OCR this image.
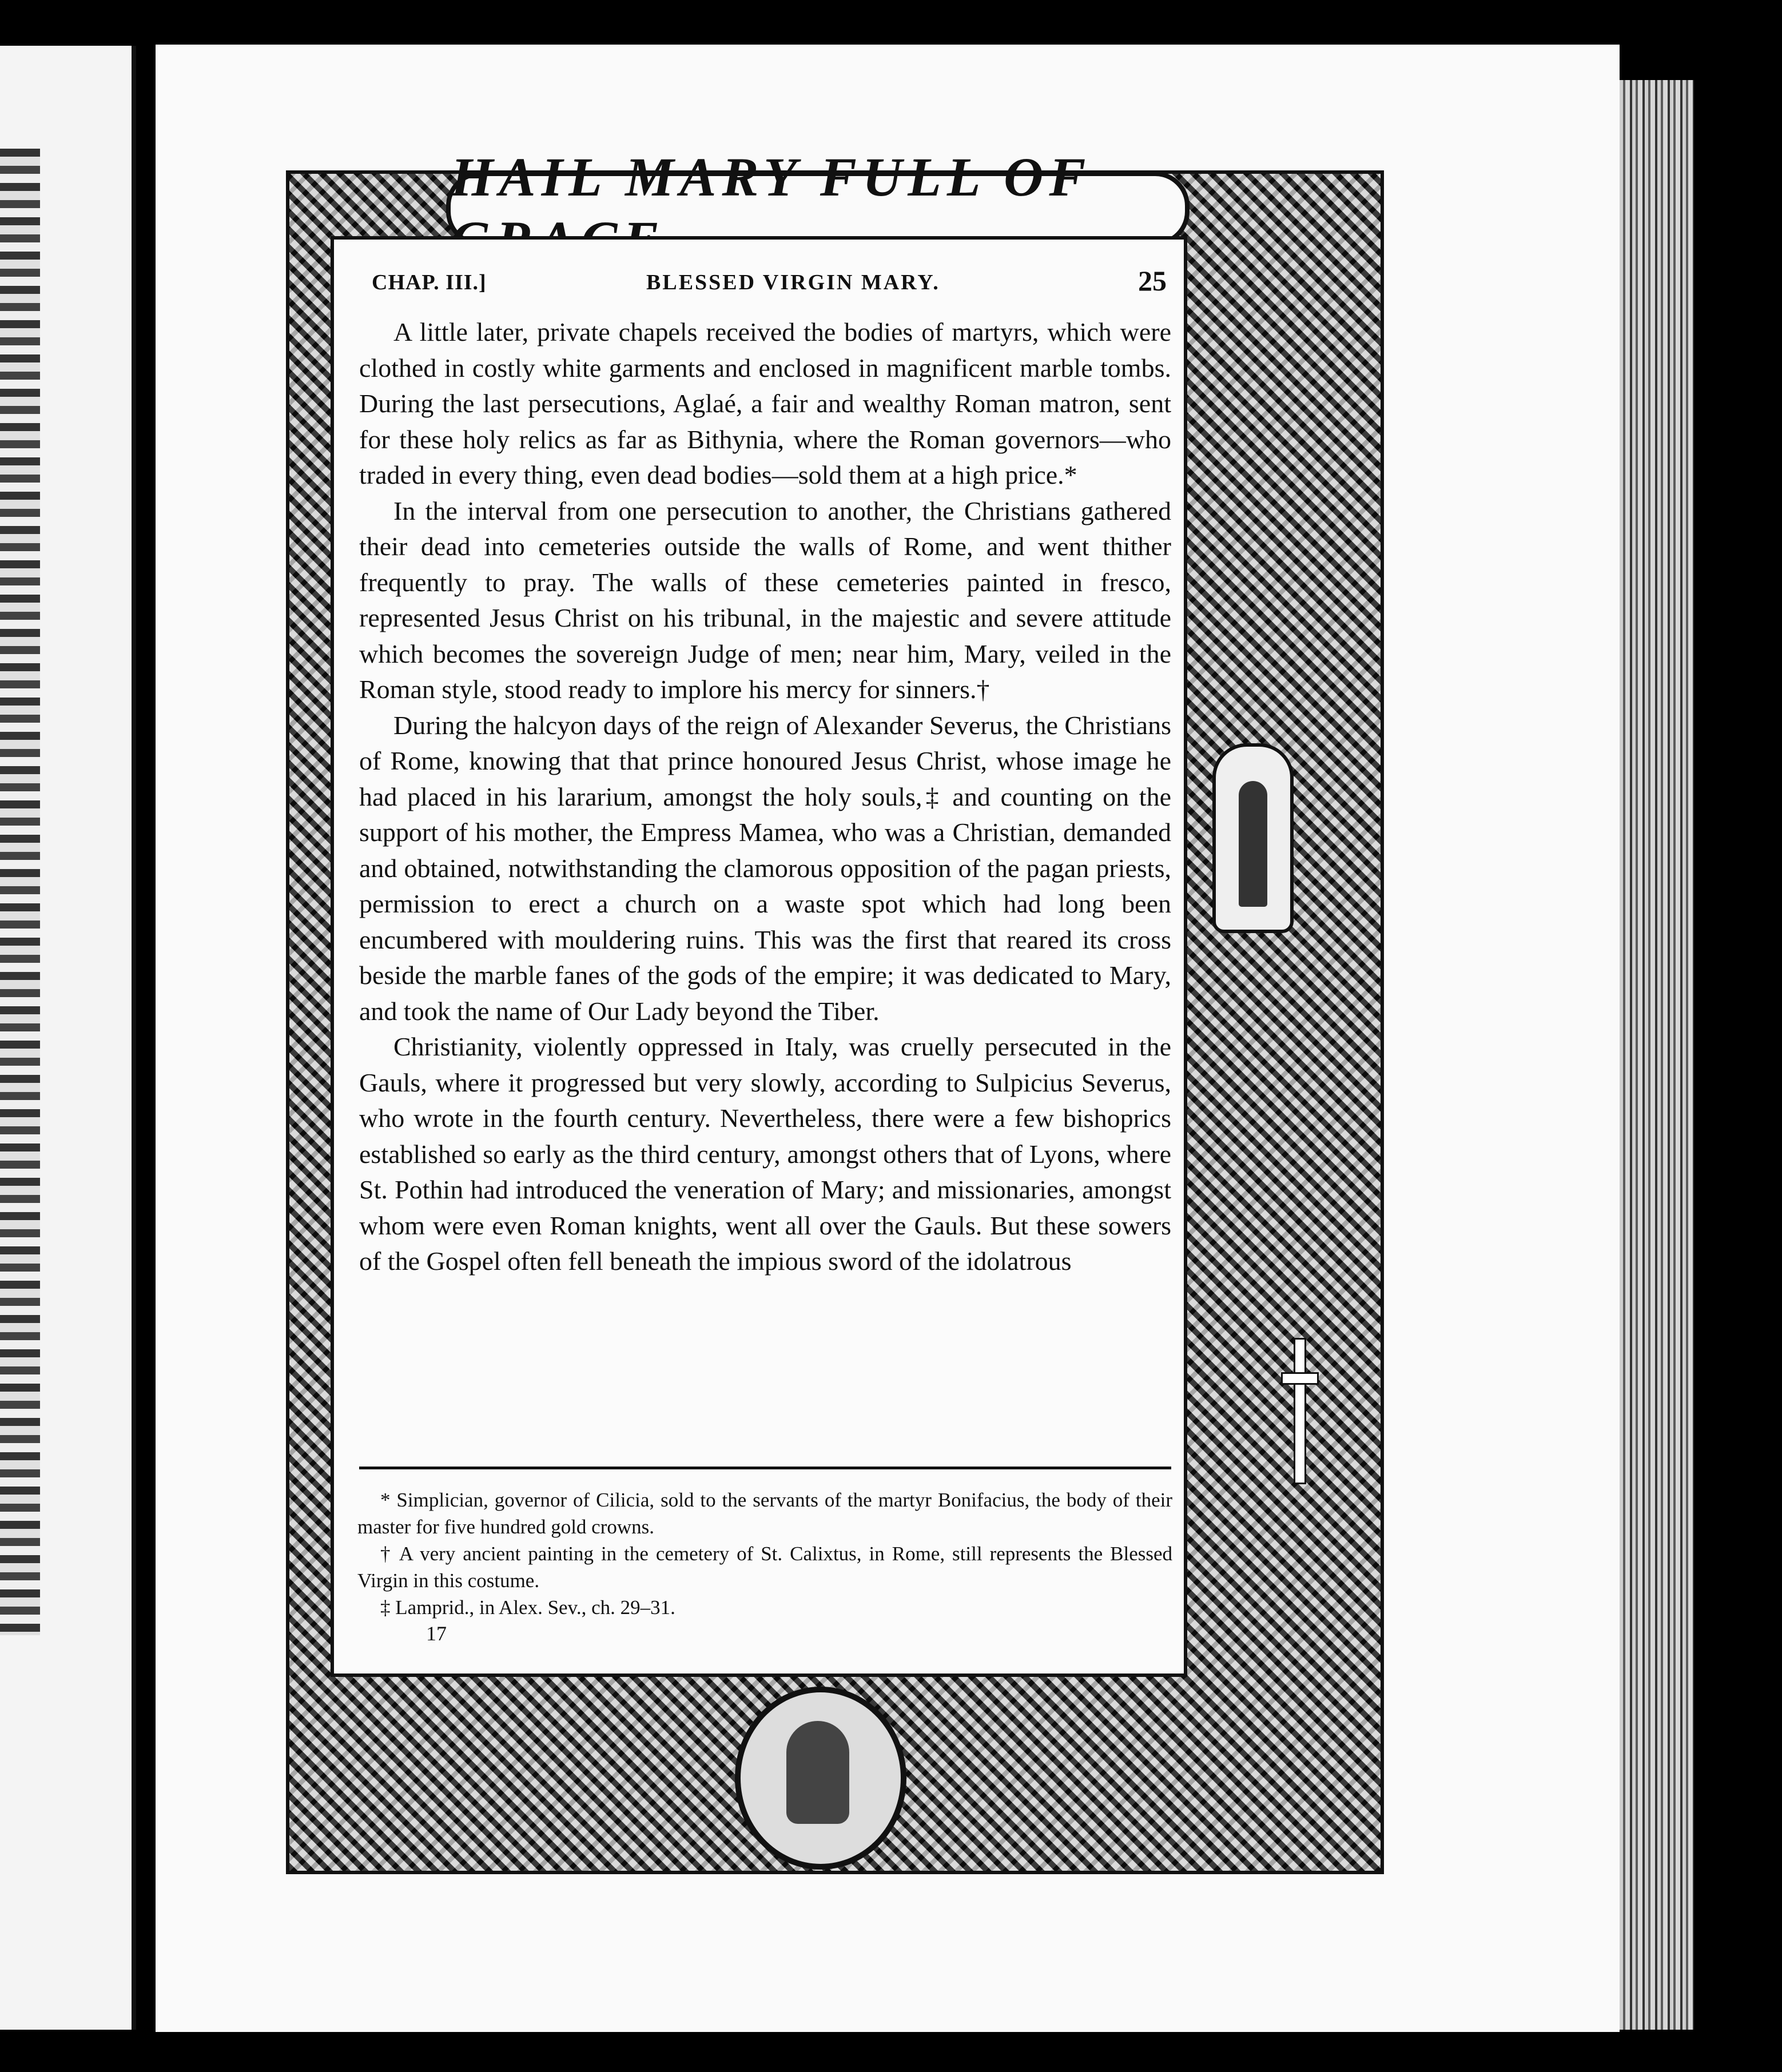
HAIL MARY FULL OF
CHAP. III.]	BLESSED VIRGIN MARY.	25

A little later, private chapels received the bodies of martyrs, which were clothed in costly white garments and enclosed in magnificent marble tombs. During the last persecutions, Aglaé, a fair and wealthy Roman matron, sent for these holy relics as far as Bithynia, where the Roman governors—who traded in every thing, even dead bodies—sold them at a high price.*

In the interval from one persecution to another, the Christians gathered their dead into cemeteries outside the walls of Rome, and went thither frequently to pray. The walls of these cemeteries painted in fresco, represented Jesus Christ on his tribunal, in the majestic and severe attitude which becomes the sovereign Judge of men; near him, Mary, veiled in the Roman style, stood ready to implore his mercy for sinners.†

During the halcyon days of the reign of Alexander Severus, the Christians of Rome, knowing that that prince honoured Jesus Christ, whose image he had placed in his lararium, amongst the holy souls,‡ and counting on the support of his mother, the Empress Mamea, who was a Christian, demanded and obtained, notwithstanding the clamorous opposition of the pagan priests, permission to erect a church on a waste spot which had long been encumbered with mouldering ruins. This was the first that reared its cross beside the marble fanes of the gods of the empire; it was dedicated to Mary, and took the name of Our Lady beyond the Tiber.

Christianity, violently oppressed in Italy, was cruelly persecuted in the Gauls, where it progressed but very slowly, according to Sulpicius Severus, who wrote in the fourth century. Nevertheless, there were a few bishoprics established so early as the third century, amongst others that of Lyons, where St. Pothin had introduced the veneration of Mary; and missionaries, amongst whom were even Roman knights, went all over the Gauls. But these sowers of the Gospel often fell beneath the impious sword of the idolatrous

* Simplician, governor of Cilicia, sold to the servants of the martyr Bonifacius, the body of their master for five hundred gold crowns.

† A very ancient painting in the cemetery of St. Calixtus, in Rome, still represents the Blessed Virgin in this costume.

‡ Lamprid., in Alex. Sev., ch. 29–31.

17
